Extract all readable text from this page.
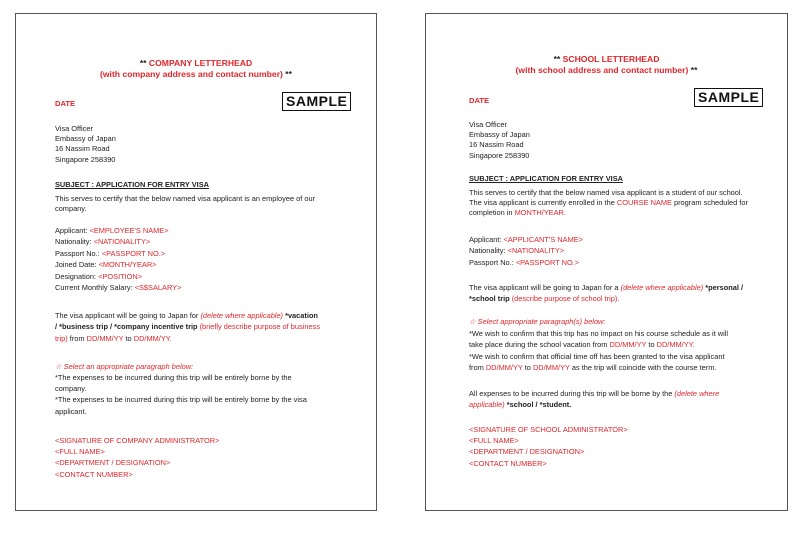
** COMPANY LETTERHEAD
(with company address and contact number) **
DATE	SAMPLE
Visa Officer
Embassy of Japan
16 Nassim Road
Singapore 258390
SUBJECT : APPLICATION FOR ENTRY VISA
This serves to certify that the below named visa applicant is an employee of our
company.
Applicant: <EMPLOYEE'S NAME>
Nationality: <NATIONALITY>
Passport No.: <PASSPORT NO.>
Joined Date: <MONTH/YEAR>
Designation: <POSITION>
Current Monthly Salary: <S$SALARY>
The visa applicant will be going to Japan for (delete where applicable) *vacation
/ *business trip / *company incentive trip (briefly describe purpose of business
trip) from DD/MM/YY to DD/MM/YY.
☆ Select an appropriate paragraph below:
*The expenses to be incurred during this trip will be entirely borne by the
company.
*The expenses to be incurred during this trip will be entirely borne by the visa
applicant.
<SIGNATURE OF COMPANY ADMINISTRATOR>
<FULL NAME>
<DEPARTMENT / DESIGNATION>
<CONTACT NUMBER>
** SCHOOL LETTERHEAD
(with school address and contact number) **
DATE	SAMPLE
Visa Officer
Embassy of Japan
16 Nassim Road
Singapore 258390
SUBJECT : APPLICATION FOR ENTRY VISA
This serves to certify that the below named visa applicant is a student of our school.
The visa applicant is currently enrolled in the COURSE NAME program scheduled for
completion in MONTH/YEAR.
Applicant: <APPLICANT'S NAME>
Nationality: <NATIONALITY>
Passport No.: <PASSPORT NO.>
The visa applicant will be going to Japan for a (delete where applicable) *personal /
*school trip (describe purpose of school trip).
☆ Select appropriate paragraph(s) below:
*We wish to confirm that this trip has no impact on his course schedule as it will
take place during the school vacation from DD/MM/YY to DD/MM/YY.
*We wish to confirm that official time off has been granted to the visa applicant
from DD/MM/YY to DD/MM/YY as the trip will coincide with the course term.
All expenses to be incurred during this trip will be borne by the (delete where
applicable) *school / *student.
<SIGNATURE OF SCHOOL ADMINISTRATOR>
<FULL NAME>
<DEPARTMENT / DESIGNATION>
<CONTACT NUMBER>
